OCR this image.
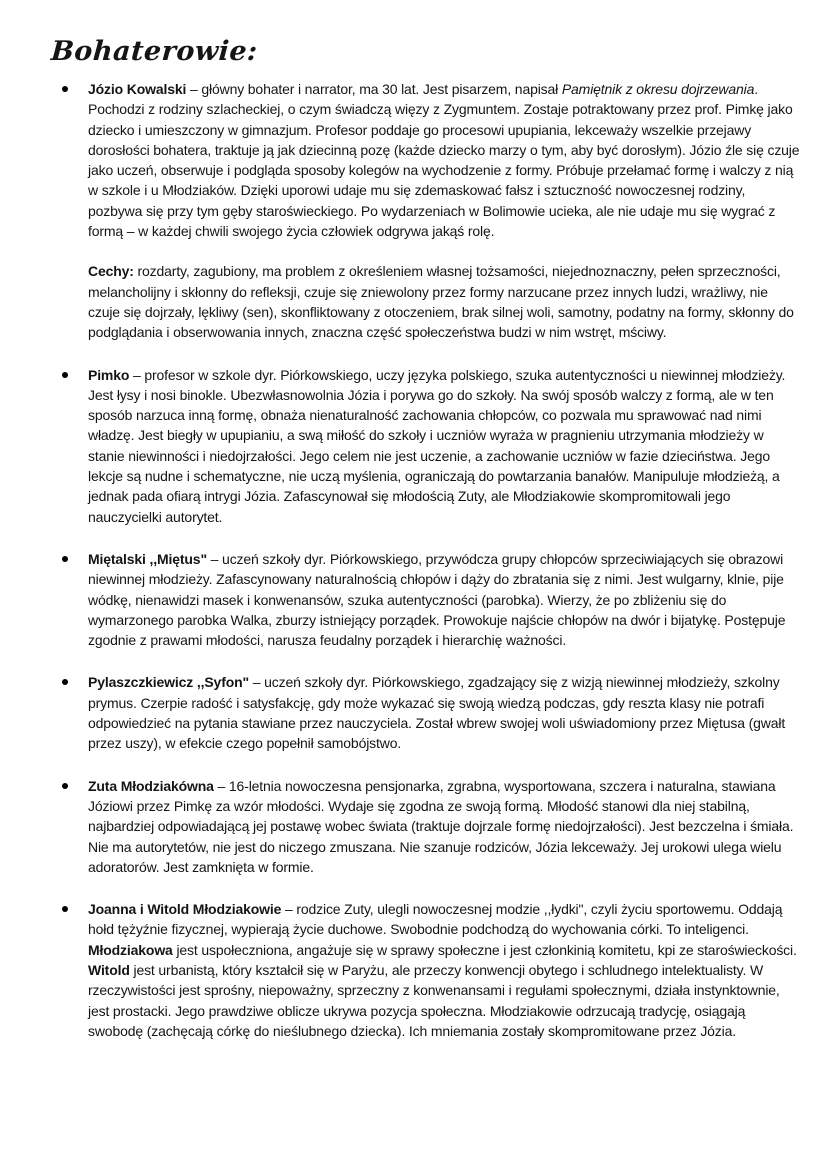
Bohaterowie:

Józio Kowalski – główny bohater i narrator, ma 30 lat. Jest pisarzem, napisał Pamiętnik z okresu dojrzewania. Pochodzi z rodziny szlacheckiej, o czym świadczą więzy z Zygmuntem. Zostaje potraktowany przez prof. Pimkę jako dziecko i umieszczony w gimnazjum. Profesor poddaje go procesowi upupiania, lekceważy wszelkie przejawy dorosłości bohatera, traktuje ją jak dziecinną pozę (każde dziecko marzy o tym, aby być dorosłym). Józio źle się czuje jako uczeń, obserwuje i podgląda sposoby kolegów na wychodzenie z formy. Próbuje przełamać formę i walczy z nią w szkole i u Młodziaków. Dzięki uporowi udaje mu się zdemaskować fałsz i sztuczność nowoczesnej rodziny, pozbywa się przy tym gęby staroświeckiego. Po wydarzeniach w Bolimowie ucieka, ale nie udaje mu się wygrać z formą – w każdej chwili swojego życia człowiek odgrywa jakąś rolę.

Cechy: rozdarty, zagubiony, ma problem z określeniem własnej tożsamości, niejednoznaczny, pełen sprzeczności, melancholijny i skłonny do refleksji, czuje się zniewolony przez formy narzucane przez innych ludzi, wrażliwy, nie czuje się dojrzały, lękliwy (sen), skonfliktowany z otoczeniem, brak silnej woli, samotny, podatny na formy, skłonny do podglądania i obserwowania innych, znaczna część społeczeństwa budzi w nim wstręt, mściwy.

Pimko – profesor w szkole dyr. Piórkowskiego, uczy języka polskiego, szuka autentyczności u niewinnej młodzieży. Jest łysy i nosi binokle. Ubezwłasnowolnia Józia i porywa go do szkoły. Na swój sposób walczy z formą, ale w ten sposób narzuca inną formę, obnaża nienaturalność zachowania chłopców, co pozwala mu sprawować nad nimi władzę. Jest biegły w upupianiu, a swą miłość do szkoły i uczniów wyraża w pragnieniu utrzymania młodzieży w stanie niewinności i niedojrzałości. Jego celem nie jest uczenie, a zachowanie uczniów w fazie dzieciństwa. Jego lekcje są nudne i schematyczne, nie uczą myślenia, ograniczają do powtarzania banałów. Manipuluje młodzieżą, a jednak pada ofiarą intrygi Józia. Zafascynował się młodością Zuty, ale Młodziakowie skompromitowali jego nauczycielki autorytet.

Miętalski ,,Miętus" – uczeń szkoły dyr. Piórkowskiego, przywódcza grupy chłopców sprzeciwiających się obrazowi niewinnej młodzieży. Zafascynowany naturalnością chłopów i dąży do zbratania się z nimi. Jest wulgarny, klnie, pije wódkę, nienawidzi masek i konwenansów, szuka autentyczności (parobka). Wierzy, że po zbliżeniu się do wymarzonego parobka Walka, zburzy istniejący porządek. Prowokuje najście chłopów na dwór i bijatykę. Postępuje zgodnie z prawami młodości, narusza feudalny porządek i hierarchię ważności.

Pylaszczkiewicz ,,Syfon" – uczeń szkoły dyr. Piórkowskiego, zgadzający się z wizją niewinnej młodzieży, szkolny prymus. Czerpie radość i satysfakcję, gdy może wykazać się swoją wiedzą podczas, gdy reszta klasy nie potrafi odpowiedzieć na pytania stawiane przez nauczyciela. Został wbrew swojej woli uświadomiony przez Miętusa (gwałt przez uszy), w efekcie czego popełnił samobójstwo.

Zuta Młodziakówna – 16-letnia nowoczesna pensjonarka, zgrabna, wysportowana, szczera i naturalna, stawiana Józiowi przez Pimkę za wzór młodości. Wydaje się zgodna ze swoją formą. Młodość stanowi dla niej stabilną, najbardziej odpowiadającą jej postawę wobec świata (traktuje dojrzale formę niedojrzałości). Jest bezczelna i śmiała. Nie ma autorytetów, nie jest do niczego zmuszana. Nie szanuje rodziców, Józia lekceważy. Jej urokowi ulega wielu adoratorów. Jest zamknięta w formie.

Joanna i Witold Młodziakowie – rodzice Zuty, ulegli nowoczesnej modzie ,,łydki", czyli życiu sportowemu. Oddają hołd tężyźnie fizycznej, wypierają życie duchowe. Swobodnie podchodzą do wychowania córki. To inteligenci. Młodziakowa jest uspołeczniona, angażuje się w sprawy społeczne i jest członkinią komitetu, kpi ze staroświeckości. Witold jest urbanistą, który kształcił się w Paryżu, ale przeczy konwencji obytego i schludnego intelektualisty. W rzeczywistości jest sprośny, niepoważny, sprzeczny z konwenansami i regułami społecznymi, działa instynktownie, jest prostacki. Jego prawdziwe oblicze ukrywa pozycja społeczna. Młodziakowie odrzucają tradycję, osiągają swobodę (zachęcają córkę do nieślubnego dziecka). Ich mniemania zostały skompromitowane przez Józia.
